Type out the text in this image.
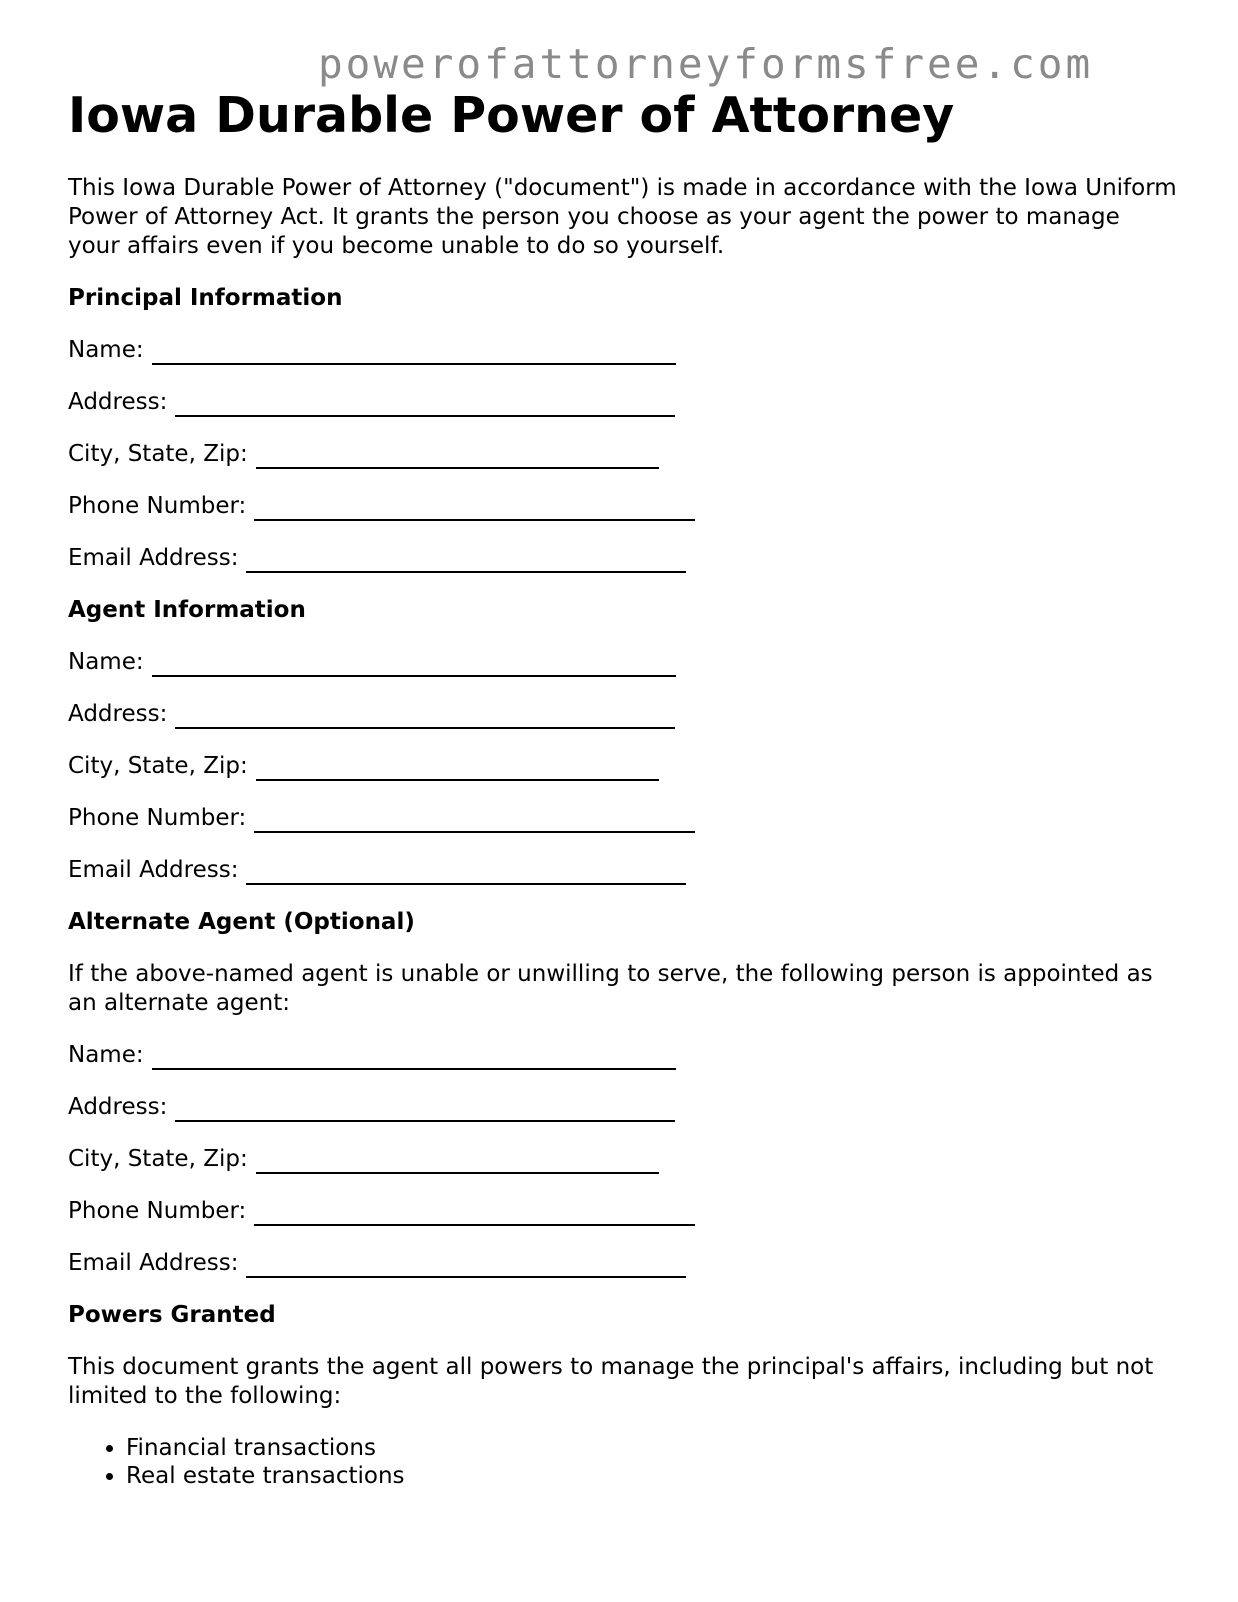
powerofattorneyformsfree.com
Iowa Durable Power of Attorney

This Iowa Durable Power of Attorney ("document") is made in accordance with the Iowa Uniform Power of Attorney Act. It grants the person you choose as your agent the power to manage your affairs even if you become unable to do so yourself.

Principal Information
Name:
Address:
City, State, Zip:
Phone Number:
Email Address:
Agent Information
Name:
Address:
City, State, Zip:
Phone Number:
Email Address:
Alternate Agent (Optional)

If the above-named agent is unable or unwilling to serve, the following person is appointed as an alternate agent:

Name:
Address:
City, State, Zip:
Phone Number:
Email Address:
Powers Granted

This document grants the agent all powers to manage the principal's affairs, including but not limited to the following:

• Financial transactions
• Real estate transactions
